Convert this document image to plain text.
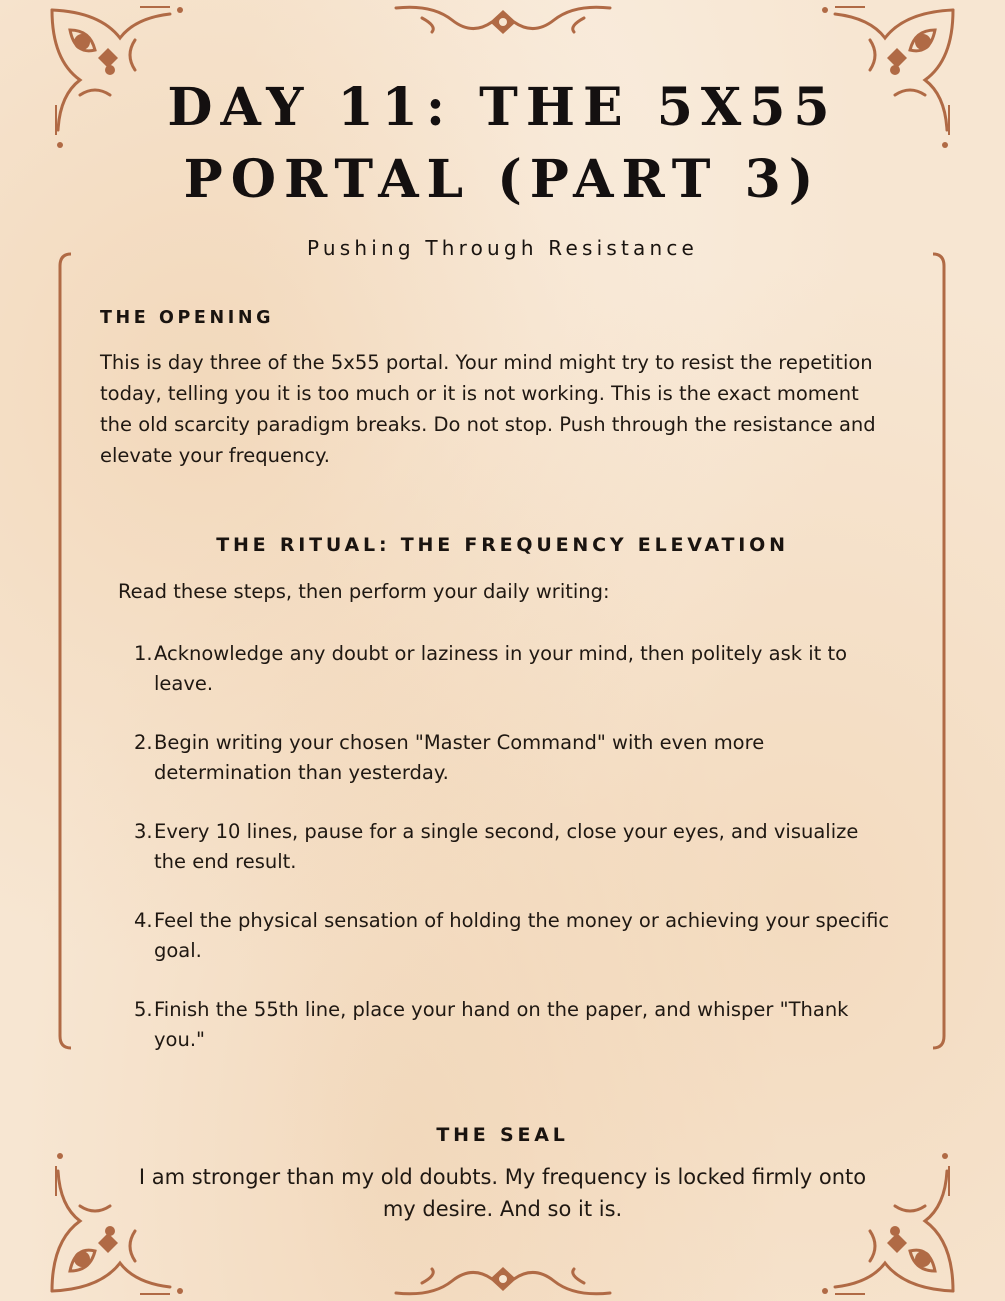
DAY 11: THE 5X55
PORTAL (PART 3)
Pushing Through Resistance
THE OPENING

This is day three of the 5x55 portal. Your mind might try to resist the repetition today, telling you it is too much or it is not working. This is the exact moment the old scarcity paradigm breaks. Do not stop. Push through the resistance and elevate your frequency.

THE RITUAL: THE FREQUENCY ELEVATION
Read these steps, then perform your daily writing:
1. Acknowledge any doubt or laziness in your mind, then politely ask it to leave.
2. Begin writing your chosen "Master Command" with even more determination than yesterday.
3. Every 10 lines, pause for a single second, close your eyes, and visualize the end result.
4. Feel the physical sensation of holding the money or achieving your specific goal.
5. Finish the 55th line, place your hand on the paper, and whisper "Thank you."
THE SEAL

I am stronger than my old doubts. My frequency is locked firmly onto my desire. And so it is.
